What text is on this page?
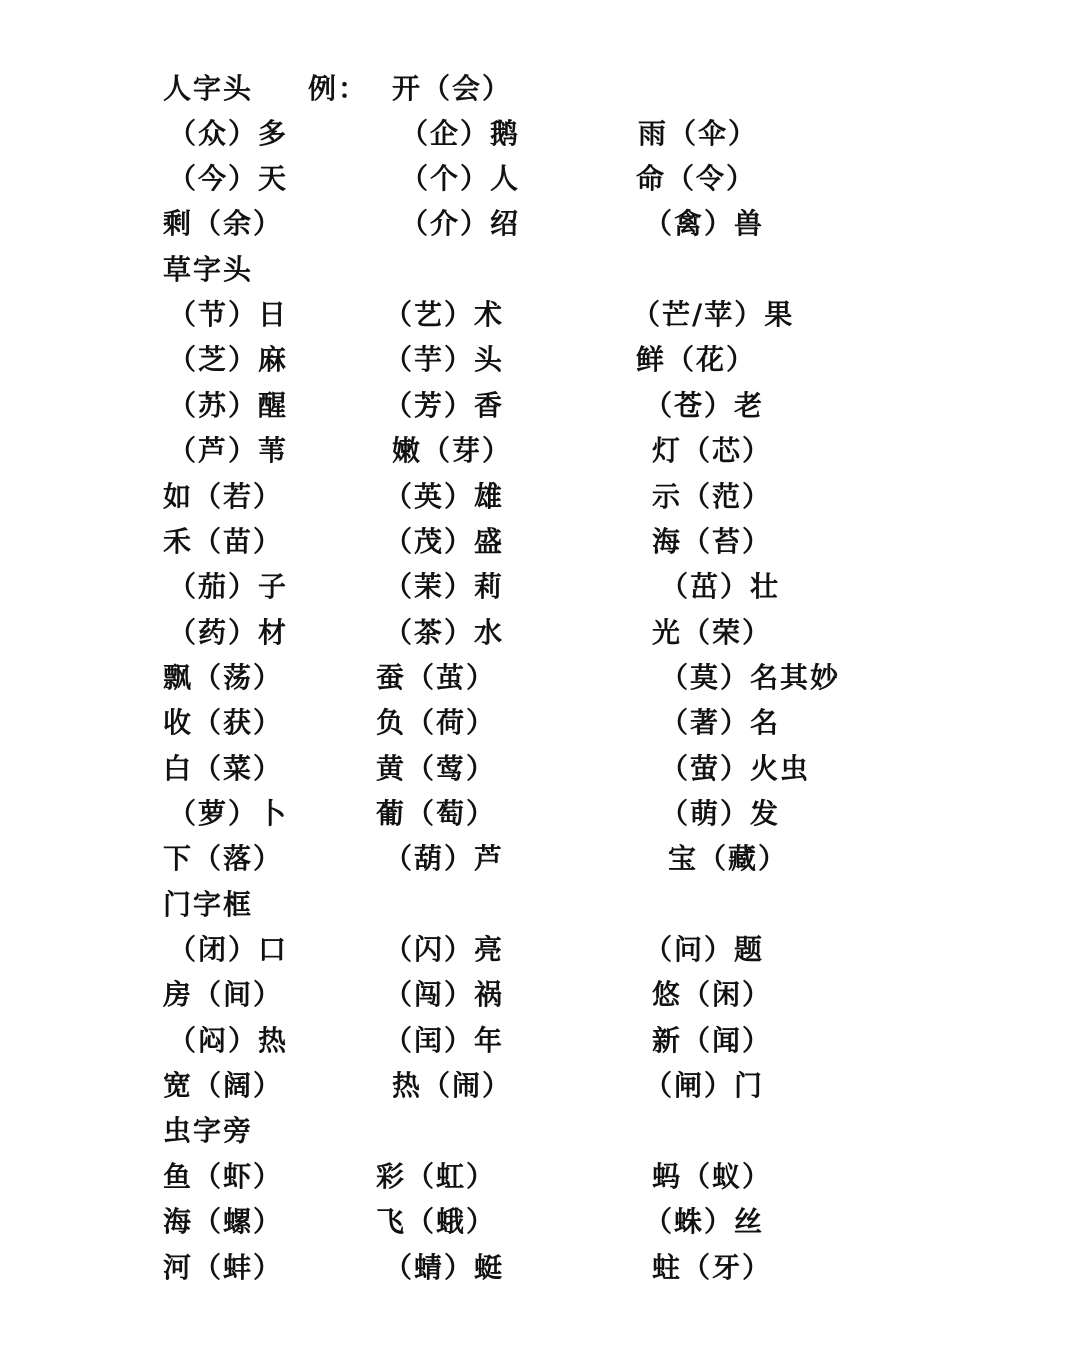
人字头 例： 开（会）
（众）多	（企）鹅	雨（伞）
（今）天	（个）人	命（令）
剩（余）	（介）绍	（禽）兽
草字头
（节）日	（艺）术	（芒/苹）果
（芝）麻	（芋）头	鲜（花）
（苏）醒	（芳）香	（苍）老
（芦）苇	嫩（芽）	灯（芯）
如（若）	（英）雄	示（范）
禾（苗）	（茂）盛	海（苔）
（茄）子	（茉）莉	（茁）壮
（药）材	（茶）水	光（荣）
飘（荡）	蚕（茧）	（莫）名其妙
收（获）	负（荷）	（著）名
白（菜）	黄（莺）	（萤）火虫
（萝）卜	葡（萄）	（萌）发
下（落）	（葫）芦	宝（藏）
门字框
（闭）口	（闪）亮	（问）题
房（间）	（闯）祸	悠（闲）
（闷）热	（闰）年	新（闻）
宽（阔）	热（闹）	（闸）门
虫字旁
鱼（虾）	彩（虹）	蚂（蚁）
海（螺）	飞（蛾）	（蛛）丝
河（蚌）	（蜻）蜓	蛀（牙）
